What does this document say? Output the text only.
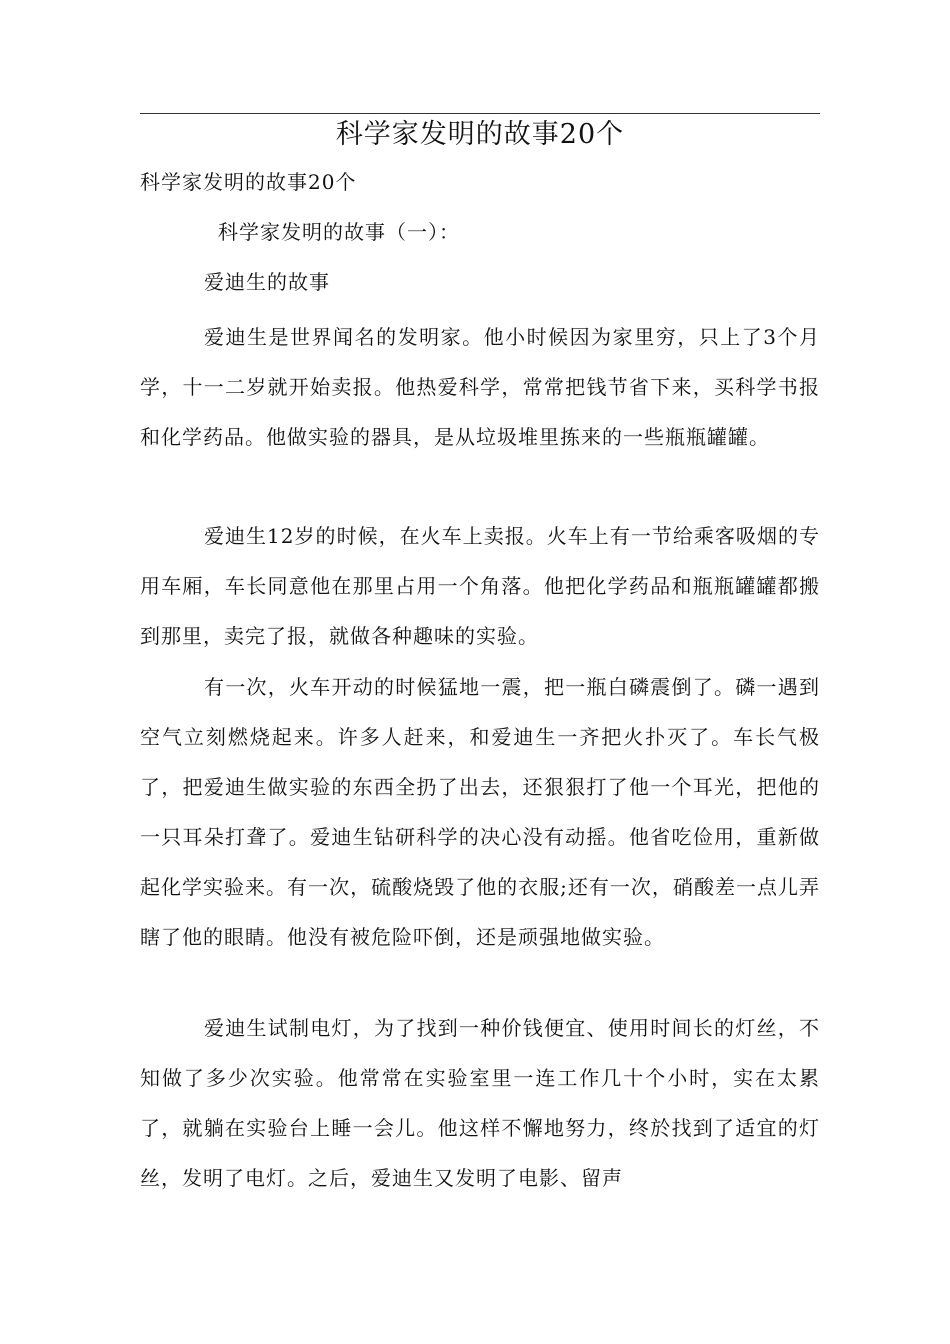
科学家发明的故事20个

科学家发明的故事20个

科学家发明的故事（一）：

爱迪生的故事

爱迪生是世界闻名的发明家。他小时候因为家里穷，只上了3个月学，十一二岁就开始卖报。他热爱科学，常常把钱节省下来，买科学书报和化学药品。他做实验的器具，是从垃圾堆里拣来的一些瓶瓶罐罐。

爱迪生12岁的时候，在火车上卖报。火车上有一节给乘客吸烟的专用车厢，车长同意他在那里占用一个角落。他把化学药品和瓶瓶罐罐都搬到那里，卖完了报，就做各种趣味的实验。

有一次，火车开动的时候猛地一震，把一瓶白磷震倒了。磷一遇到空气立刻燃烧起来。许多人赶来，和爱迪生一齐把火扑灭了。车长气极了，把爱迪生做实验的东西全扔了出去，还狠狠打了他一个耳光，把他的一只耳朵打聋了。爱迪生钻研科学的决心没有动摇。他省吃俭用，重新做起化学实验来。有一次，硫酸烧毁了他的衣服;还有一次，硝酸差一点儿弄瞎了他的眼睛。他没有被危险吓倒，还是顽强地做实验。

爱迪生试制电灯，为了找到一种价钱便宜、使用时间长的灯丝，不知做了多少次实验。他常常在实验室里一连工作几十个小时，实在太累了，就躺在实验台上睡一会儿。他这样不懈地努力，终於找到了适宜的灯丝，发明了电灯。之后，爱迪生又发明了电影、留声
